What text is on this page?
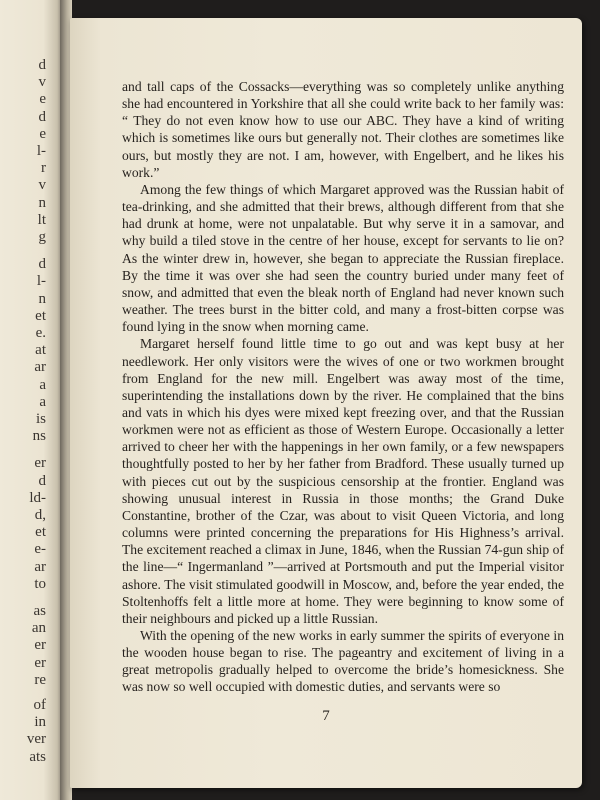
d
v
e
d
e
l-
r
v
n
lt
g
d
l-
n
et
e.
at
ar
a
a
is
ns
er
d
ld-
d,
et
e-
ar
to
as
an
er
er
re
of
in
ver
ats

and tall caps of the Cossacks—everything was so completely unlike anything she had encountered in Yorkshire that all she could write back to her family was: “ They do not even know how to use our ABC. They have a kind of writing which is sometimes like ours but generally not. Their clothes are sometimes like ours, but mostly they are not. I am, however, with Engelbert, and he likes his work.”

Among the few things of which Margaret approved was the Russian habit of tea-drinking, and she admitted that their brews, although different from that she had drunk at home, were not unpalatable. But why serve it in a samovar, and why build a tiled stove in the centre of her house, except for servants to lie on? As the winter drew in, however, she began to appreciate the Russian fireplace. By the time it was over she had seen the country buried under many feet of snow, and admitted that even the bleak north of England had never known such weather. The trees burst in the bitter cold, and many a frost-bitten corpse was found lying in the snow when morning came.

Margaret herself found little time to go out and was kept busy at her needlework. Her only visitors were the wives of one or two workmen brought from England for the new mill. Engelbert was away most of the time, superintending the installations down by the river. He complained that the bins and vats in which his dyes were mixed kept freezing over, and that the Russian workmen were not as efficient as those of Western Europe. Occasionally a letter arrived to cheer her with the happenings in her own family, or a few newspapers thoughtfully posted to her by her father from Bradford. These usually turned up with pieces cut out by the suspicious censorship at the frontier. England was showing unusual interest in Russia in those months; the Grand Duke Constantine, brother of the Czar, was about to visit Queen Victoria, and long columns were printed concerning the preparations for His Highness’s arrival. The excitement reached a climax in June, 1846, when the Russian 74-gun ship of the line—“ Ingermanland ”—arrived at Portsmouth and put the Imperial visitor ashore. The visit stimulated goodwill in Moscow, and, before the year ended, the Stoltenhoffs felt a little more at home. They were beginning to know some of their neighbours and picked up a little Russian.

With the opening of the new works in early summer the spirits of everyone in the wooden house began to rise. The pageantry and excitement of living in a great metropolis gradually helped to overcome the bride’s homesickness. She was now so well occupied with domestic duties, and servants were so

7
